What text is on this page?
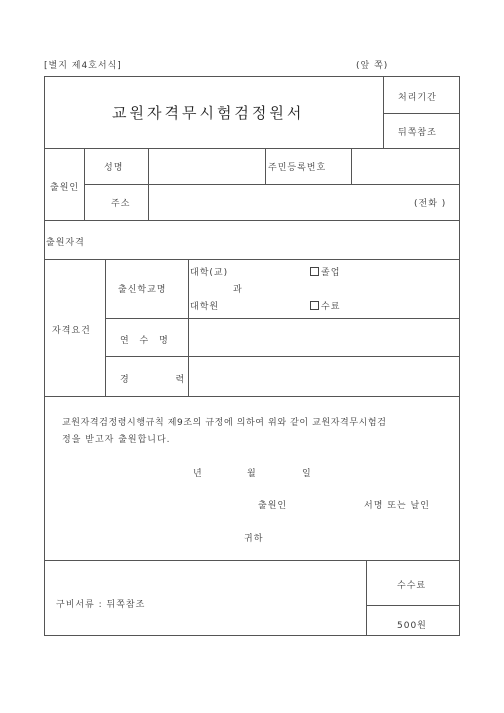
[별지 제4호서식]	(앞 쪽)
교원자격무시험검정원서
처리기간
뒤쪽참조
출원인
성명	주민등록번호
주소	(전화 )
출원자격
자격요건
출신학교명
대학(교)	졸업
과
대학원	수료
연 수 명
경 력
교원자격검정령시행규칙 제9조의 규정에 의하여 위와 같이 교원자격무시험검
정을 받고자 출원합니다.
년	월	일
출원인	서명 또는 날인
귀하
구비서류 : 뒤쪽참조
수수료
500원
